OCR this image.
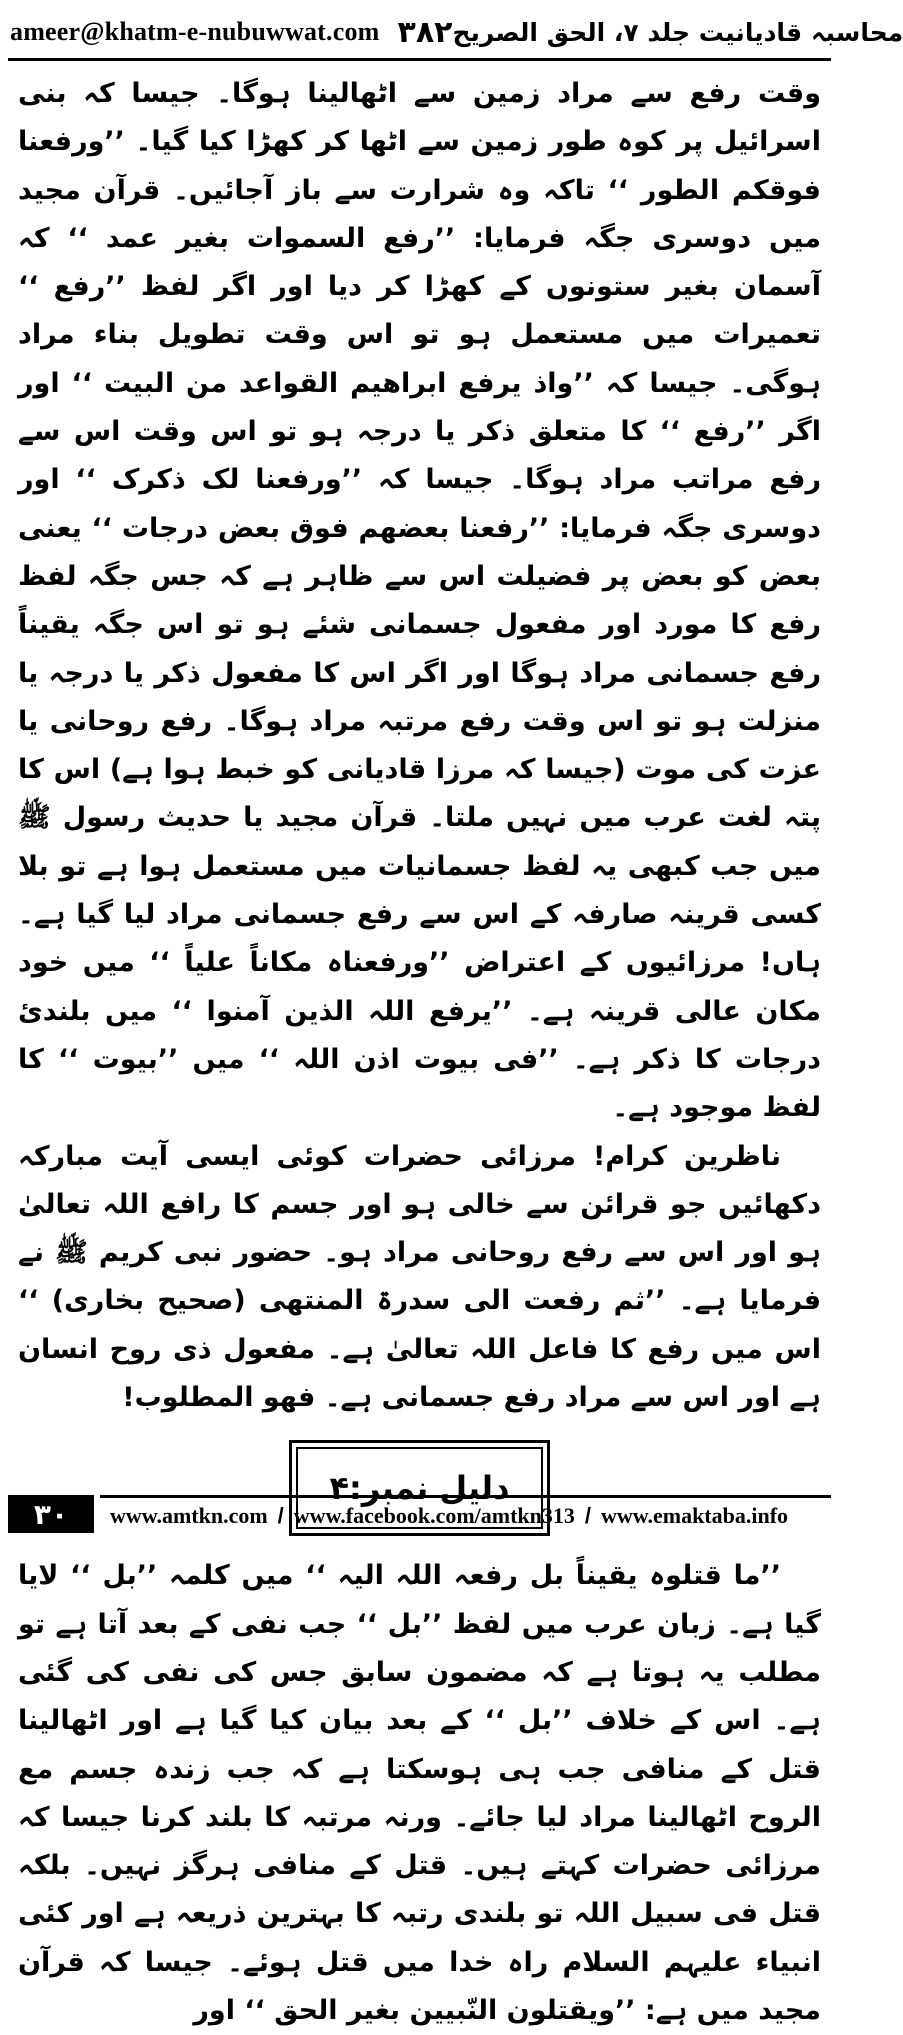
ameer@khatm-e-nubuwwat.com ۳۸۲ محاسبہ قادیانیت جلد ۷، الحق الصریح

وقت رفع سے مراد زمین سے اٹھالینا ہوگا۔ جیسا کہ بنی اسرائیل پر کوہ طور زمین سے اٹھا کر کھڑا کیا گیا۔ ’’ورفعنا فوقکم الطور ‘‘ تاکہ وہ شرارت سے باز آجائیں۔ قرآن مجید میں دوسری جگہ فرمایا: ’’رفع السموات بغیر عمد ‘‘ کہ آسمان بغیر ستونوں کے کھڑا کر دیا اور اگر لفظ ’’رفع ‘‘ تعمیرات میں مستعمل ہو تو اس وقت تطویل بناء مراد ہوگی۔ جیسا کہ ’’واذ یرفع ابراھیم القواعد من البیت ‘‘ اور اگر ’’رفع ‘‘ کا متعلق ذکر یا درجہ ہو تو اس وقت اس سے رفع مراتب مراد ہوگا۔ جیسا کہ ’’ورفعنا لک ذکرک ‘‘ اور دوسری جگہ فرمایا: ’’رفعنا بعضھم فوق بعض درجات ‘‘ یعنی بعض کو بعض پر فضیلت اس سے ظاہر ہے کہ جس جگہ لفظ رفع کا مورد اور مفعول جسمانی شئے ہو تو اس جگہ یقیناً رفع جسمانی مراد ہوگا اور اگر اس کا مفعول ذکر یا درجہ یا منزلت ہو تو اس وقت رفع مرتبہ مراد ہوگا۔ رفع روحانی یا عزت کی موت (جیسا کہ مرزا قادیانی کو خبط ہوا ہے) اس کا پتہ لغت عرب میں نہیں ملتا۔ قرآن مجید یا حدیث رسول ﷺ میں جب کبھی یہ لفظ جسمانیات میں مستعمل ہوا ہے تو بلا کسی قرینہ صارفہ کے اس سے رفع جسمانی مراد لیا گیا ہے۔ ہاں! مرزائیوں کے اعتراض ’’ورفعناہ مکاناً علیاً ‘‘ میں خود مکان عالی قرینہ ہے۔ ’’یرفع اللہ الذین آمنوا ‘‘ میں بلندیٔ درجات کا ذکر ہے۔ ’’فی بیوت اذن اللہ ‘‘ میں ’’بیوت ‘‘ کا لفظ موجود ہے۔

ناظرین کرام! مرزائی حضرات کوئی ایسی آیت مبارکہ دکھائیں جو قرائن سے خالی ہو اور جسم کا رافع اللہ تعالیٰ ہو اور اس سے رفع روحانی مراد ہو۔ حضور نبی کریم ﷺ نے فرمایا ہے۔ ’’ثم رفعت الی سدرۃ المنتھی (صحیح بخاری) ‘‘ اس میں رفع کا فاعل اللہ تعالیٰ ہے۔ مفعول ذی روح انسان ہے اور اس سے مراد رفع جسمانی ہے۔ فھو المطلوب!

دلیل نمبر:۴

’’ما قتلوہ یقیناً بل رفعہ اللہ الیہ ‘‘ میں کلمہ ’’بل ‘‘ لایا گیا ہے۔ زبان عرب میں لفظ ’’بل ‘‘ جب نفی کے بعد آتا ہے تو مطلب یہ ہوتا ہے کہ مضمون سابق جس کی نفی کی گئی ہے۔ اس کے خلاف ’’بل ‘‘ کے بعد بیان کیا گیا ہے اور اٹھالینا قتل کے منافی جب ہی ہوسکتا ہے کہ جب زندہ جسم مع الروح اٹھالینا مراد لیا جائے۔ ورنہ مرتبہ کا بلند کرنا جیسا کہ مرزائی حضرات کہتے ہیں۔ قتل کے منافی ہرگز نہیں۔ بلکہ قتل فی سبیل اللہ تو بلندی رتبہ کا بہترین ذریعہ ہے اور کئی انبیاء علیہم السلام راہ خدا میں قتل ہوئے۔ جیسا کہ قرآن مجید میں ہے: ’’ویقتلون النّبیین بغیر الحق ‘‘ اور

۳۰	www.amtkn.com / www.facebook.com/amtkn313 / www.emaktaba.info
